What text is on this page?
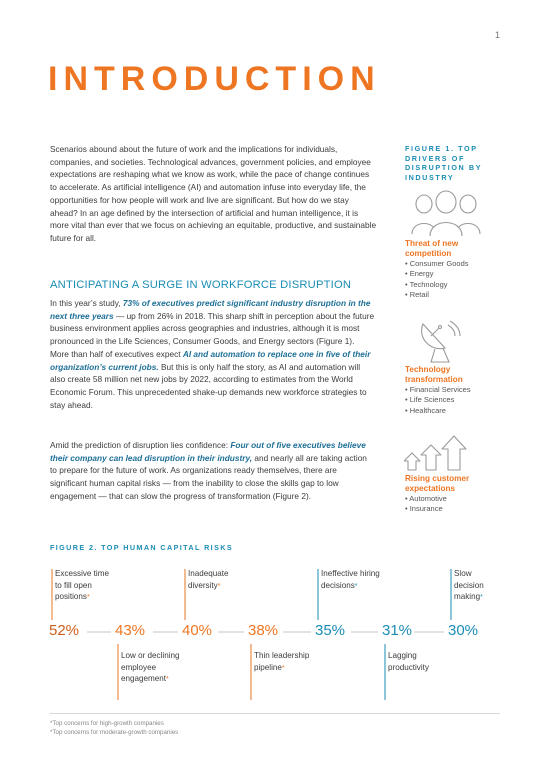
1
INTRODUCTION

Scenarios abound about the future of work and the implications for individuals, companies, and societies. Technological advances, government policies, and employee expectations are reshaping what we know as work, while the pace of change continues to accelerate. As artificial intelligence (AI) and automation infuse into everyday life, the opportunities for how people will work and live are significant. But how do we stay ahead? In an age defined by the intersection of artificial and human intelligence, it is more vital than ever that we focus on achieving an equitable, productive, and sustainable future for all.

ANTICIPATING A SURGE IN WORKFORCE DISRUPTION

In this year’s study, 73% of executives predict significant industry disruption in the next three years — up from 26% in 2018. This sharp shift in perception about the future business environment applies across geographies and industries, although it is most pronounced in the Life Sciences, Consumer Goods, and Energy sectors (Figure 1). More than half of executives expect AI and automation to replace one in five of their organization’s current jobs. But this is only half the story, as AI and automation will also create 58 million net new jobs by 2022, according to estimates from the World Economic Forum. This unprecedented shake-up demands new workforce strategies to stay ahead.

Amid the prediction of disruption lies confidence: Four out of five executives believe their company can lead disruption in their industry, and nearly all are taking action to prepare for the future of work. As organizations ready themselves, there are significant human capital risks — from the inability to close the skills gap to low engagement — that can slow the progress of transformation (Figure 2).

FIGURE 1. TOP DRIVERS OF DISRUPTION BY INDUSTRY

Threat of new competition

• Consumer Goods
• Energy
• Technology
• Retail

Technology transformation

• Financial Services
• Life Sciences
• Healthcare

Rising customer expectations

• Automotive
• Insurance

FIGURE 2. TOP HUMAN CAPITAL RISKS

52%

Excessive time to fill open positions*

43%

Low or declining employee engagement*

40%

Inadequate diversity*

38%

Thin leadership pipeline*

35%

Ineffective hiring decisions*

31%

Lagging productivity

30%

Slow decision making*

*Top concerns for high-growth companies

*Top concerns for moderate-growth companies
